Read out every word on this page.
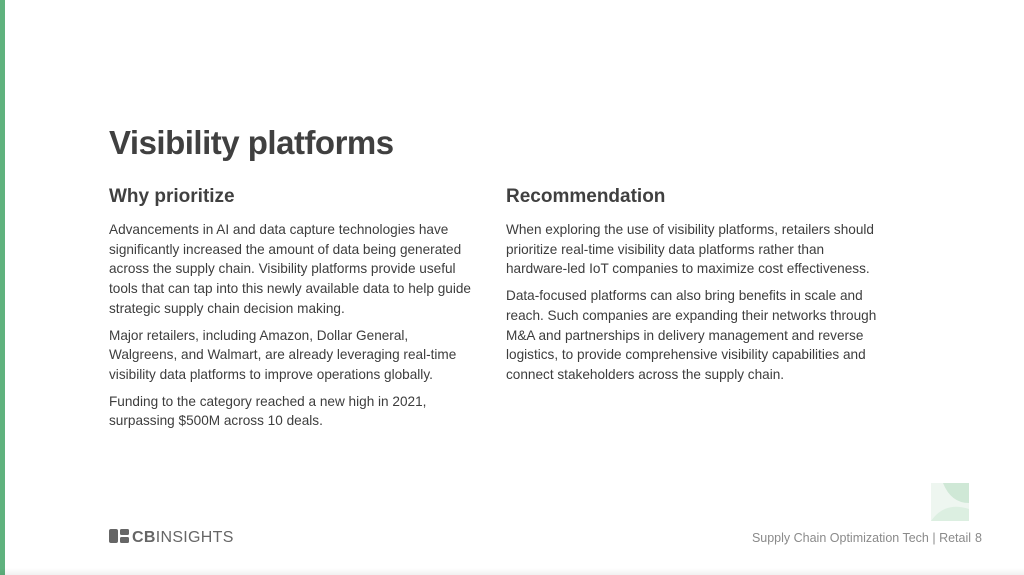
Visibility platforms
Why prioritize

Advancements in AI and data capture technologies have significantly increased the amount of data being generated across the supply chain. Visibility platforms provide useful tools that can tap into this newly available data to help guide strategic supply chain decision making.

Major retailers, including Amazon, Dollar General, Walgreens, and Walmart, are already leveraging real-time visibility data platforms to improve operations globally.

Funding to the category reached a new high in 2021, surpassing $500M across 10 deals.

Recommendation

When exploring the use of visibility platforms, retailers should prioritize real-time visibility data platforms rather than hardware-led IoT companies to maximize cost effectiveness.

Data-focused platforms can also bring benefits in scale and reach. Such companies are expanding their networks through M&A and partnerships in delivery management and reverse logistics, to provide comprehensive visibility capabilities and connect stakeholders across the supply chain.

CBINSIGHTS	Supply Chain Optimization Tech | Retail 8
